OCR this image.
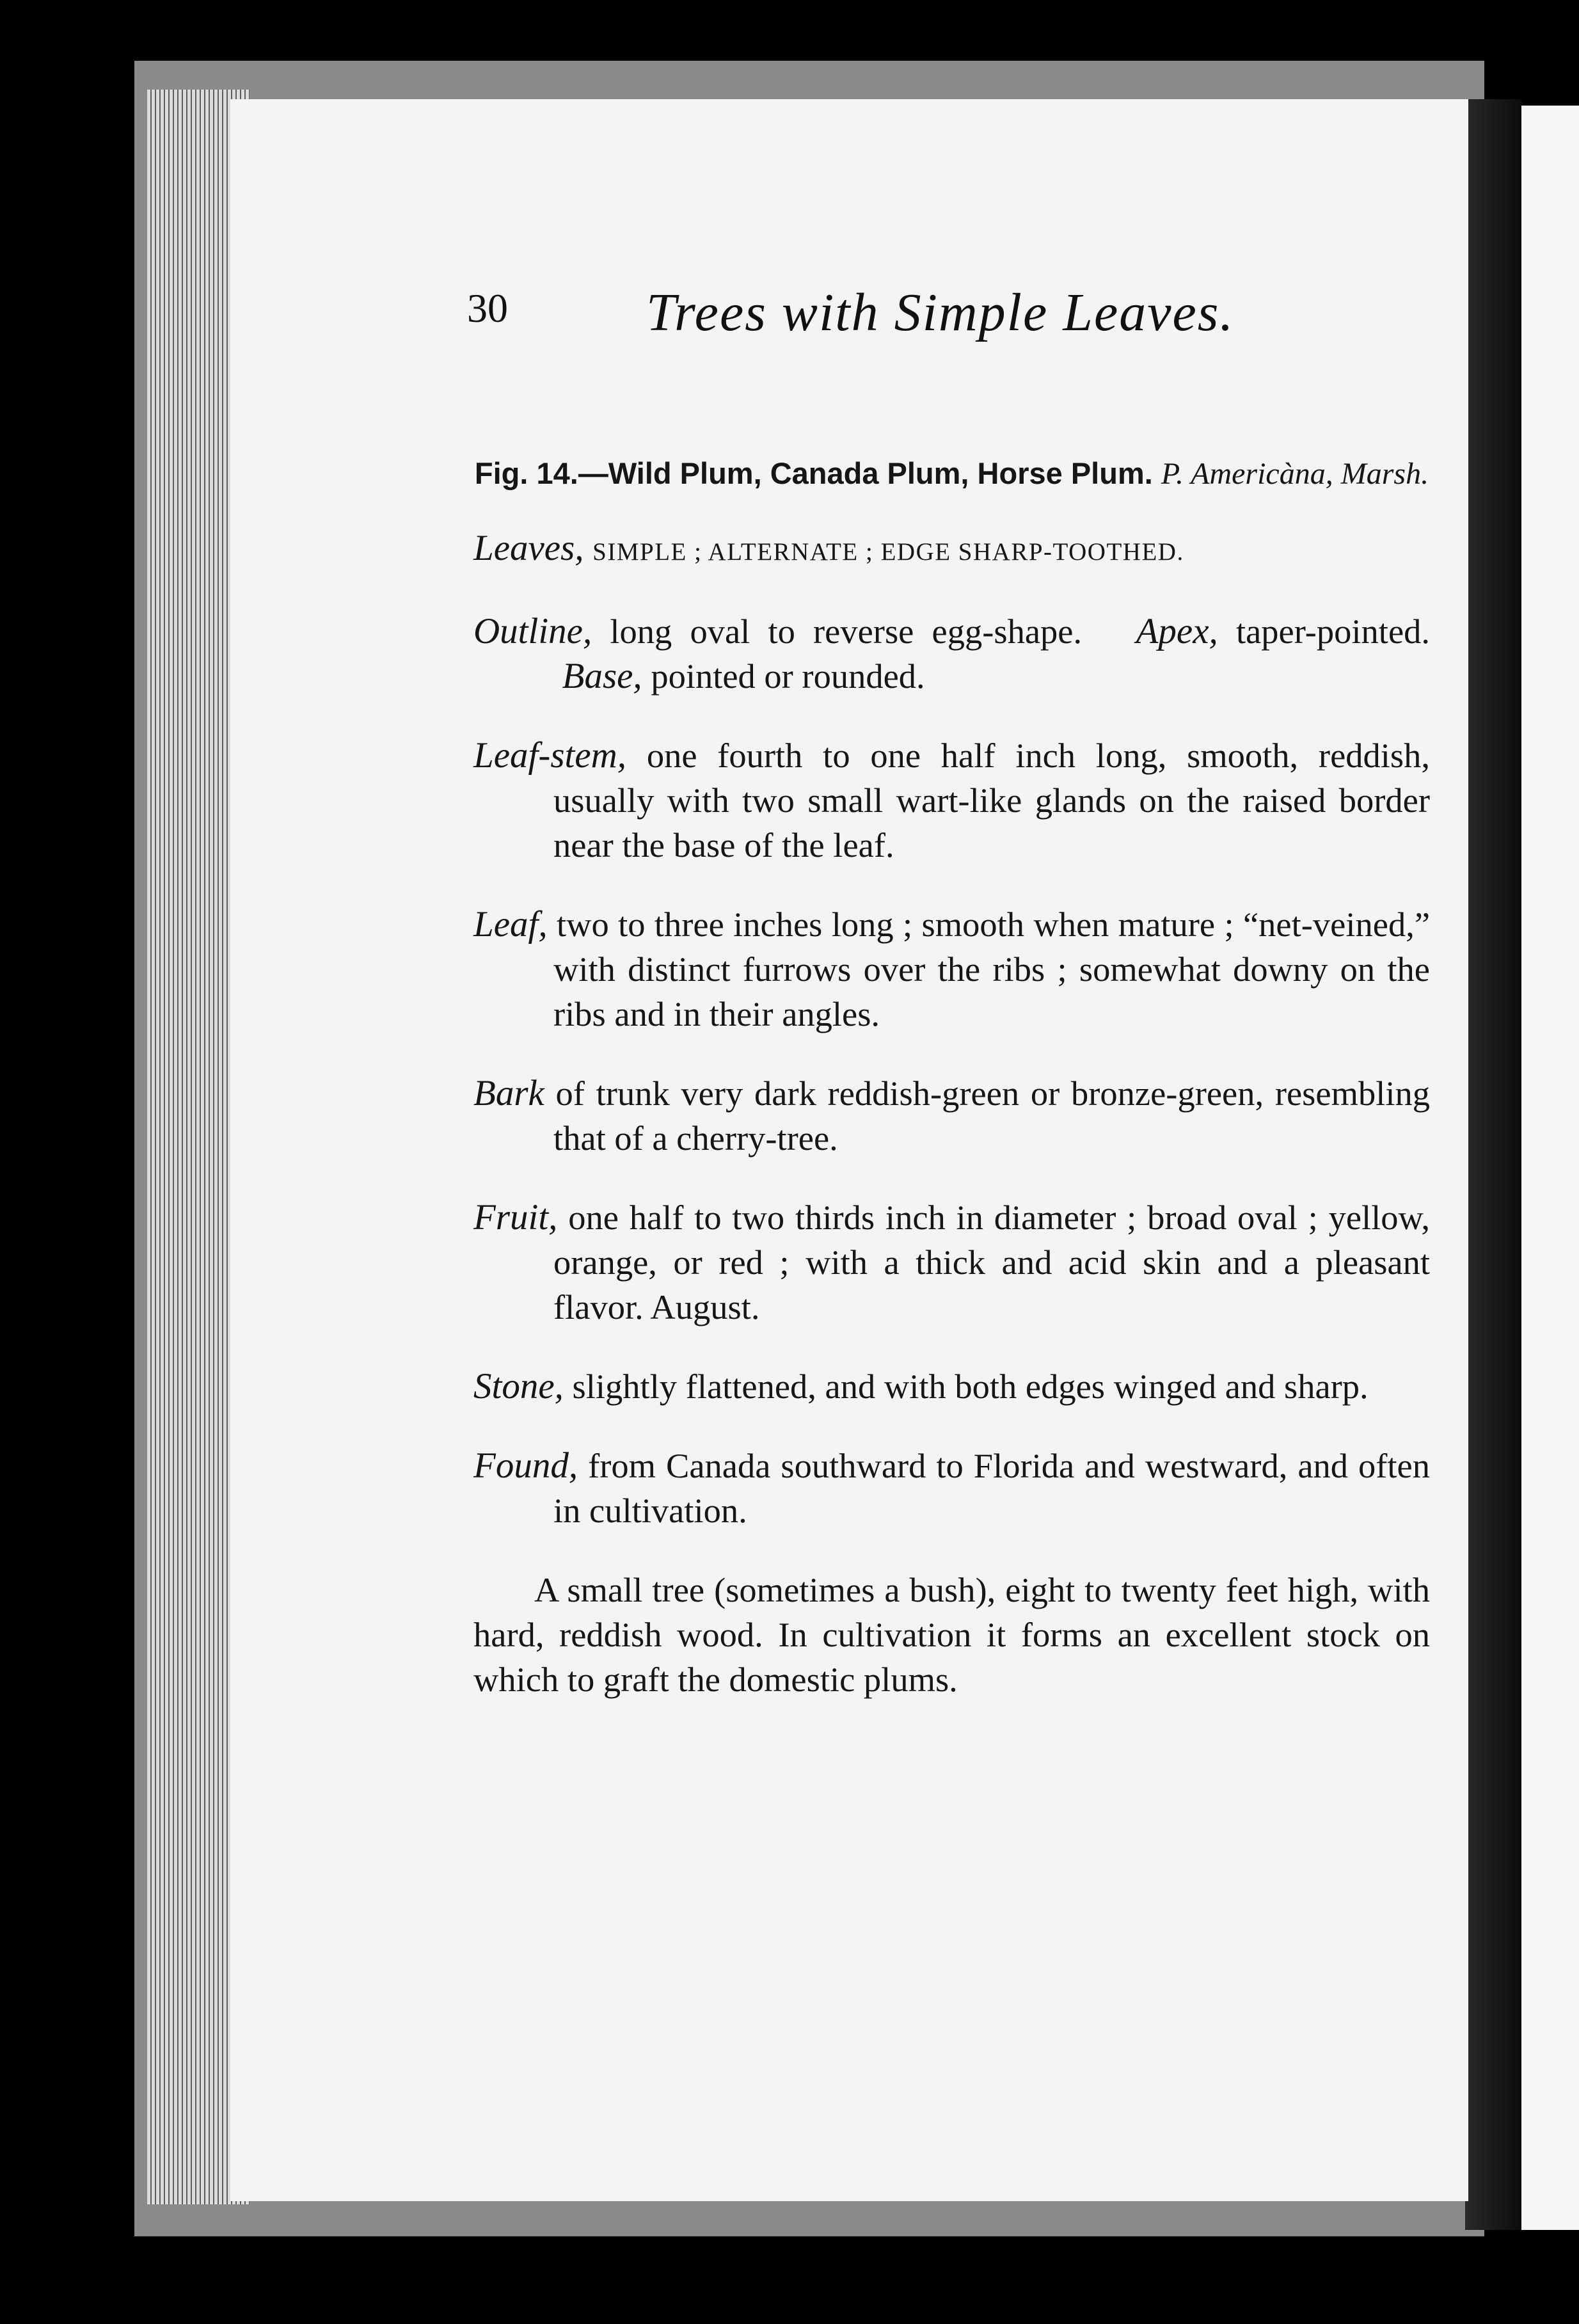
30	Trees with Simple Leaves.

Fig. 14.—Wild Plum, Canada Plum, Horse Plum. P. Americàna, Marsh.

Leaves, SIMPLE ; ALTERNATE ; EDGE SHARP-TOOTHED.

Outline, long oval to reverse egg-shape. Apex, taper-pointed.  Base, pointed or rounded.

Leaf-stem, one fourth to one half inch long, smooth, reddish, usually with two small wart-like glands on the raised border near the base of the leaf.

Leaf, two to three inches long ; smooth when mature ; “net-veined,” with distinct furrows over the ribs ; somewhat downy on the ribs and in their angles.

Bark of trunk very dark reddish-green or bronze-green, resembling that of a cherry-tree.

Fruit, one half to two thirds inch in diameter ; broad oval ; yellow, orange, or red ; with a thick and acid skin and a pleasant flavor. August.

Stone, slightly flattened, and with both edges winged and sharp.

Found, from Canada southward to Florida and westward, and often in cultivation.

A small tree (sometimes a bush), eight to twenty feet high, with hard, reddish wood. In cultivation it forms an excellent stock on which to graft the domestic plums.
